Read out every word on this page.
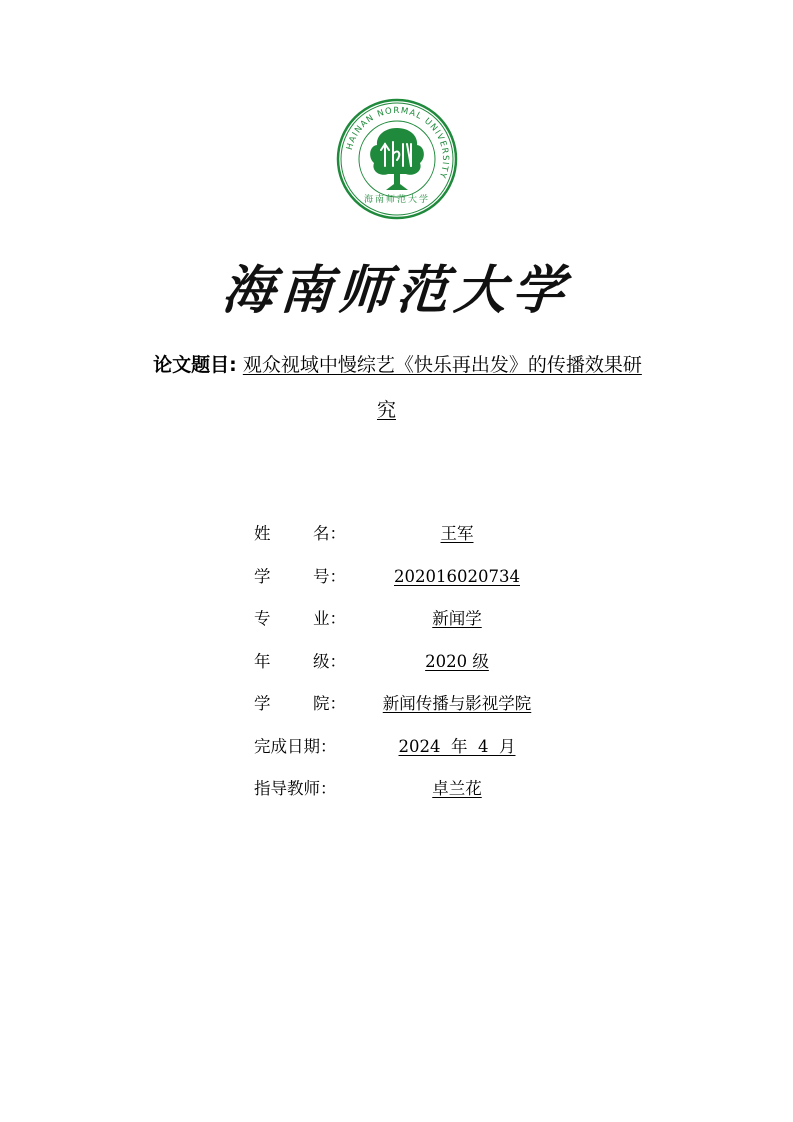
HAINAN NORMAL UNIVERSITY
海南师范大学
海南师范大学
论文题目: 观众视域中慢综艺《快乐再出发》的传播效果研
究
姓	名：	王军
学	号：	202016020734
专	业：	新闻学
年	级：	2020 级
学	院：	新闻传播与影视学院
完成日期：	2024  年  4  月
指导教师：	卓兰花
